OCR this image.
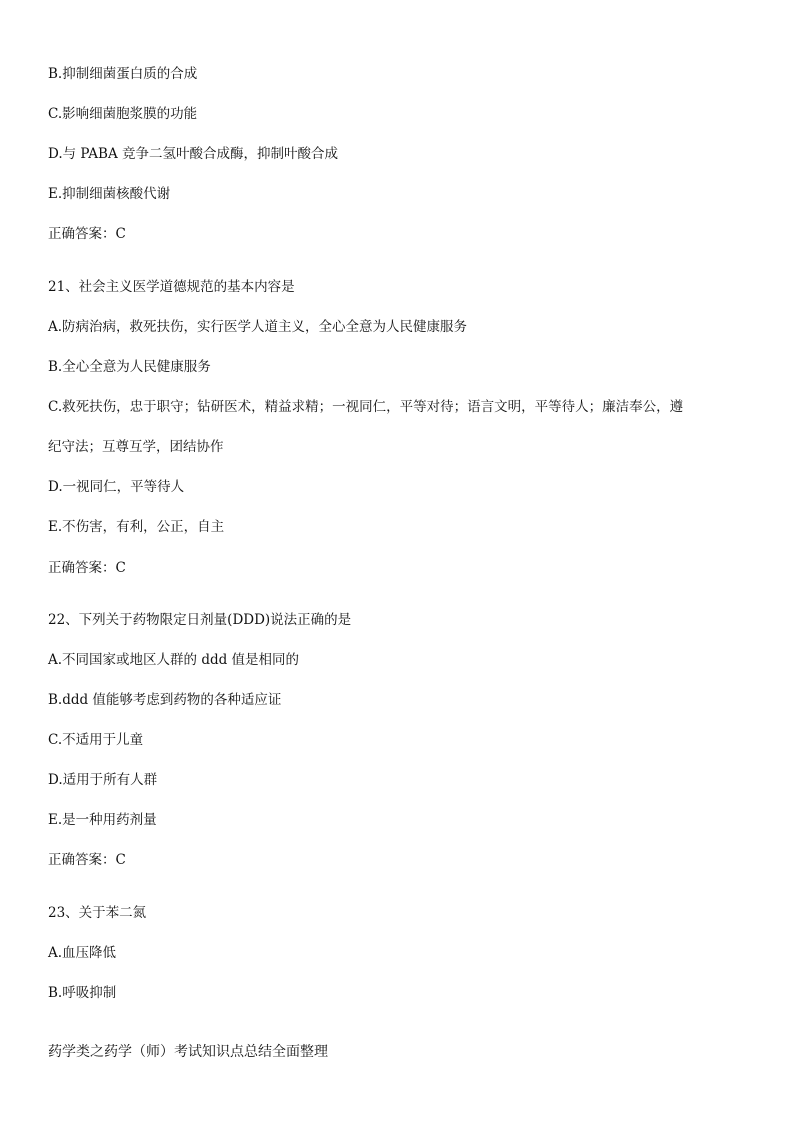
B.抑制细菌蛋白质的合成

C.影响细菌胞浆膜的功能

D.与 PABA 竞争二氢叶酸合成酶，抑制叶酸合成

E.抑制细菌核酸代谢

正确答案：C

21、社会主义医学道德规范的基本内容是

A.防病治病，救死扶伤，实行医学人道主义，全心全意为人民健康服务

B.全心全意为人民健康服务

C.救死扶伤，忠于职守；钻研医术，精益求精；一视同仁，平等对待；语言文明，平等待人；廉洁奉公，遵

纪守法；互尊互学，团结协作

D.一视同仁，平等待人

E.不伤害，有利，公正，自主

正确答案：C

22、下列关于药物限定日剂量(DDD)说法正确的是

A.不同国家或地区人群的 ddd 值是相同的

B.ddd 值能够考虑到药物的各种适应证

C.不适用于儿童

D.适用于所有人群

E.是一种用药剂量

正确答案：C

23、关于苯二氮

A.血压降低

B.呼吸抑制

药学类之药学（师）考试知识点总结全面整理
